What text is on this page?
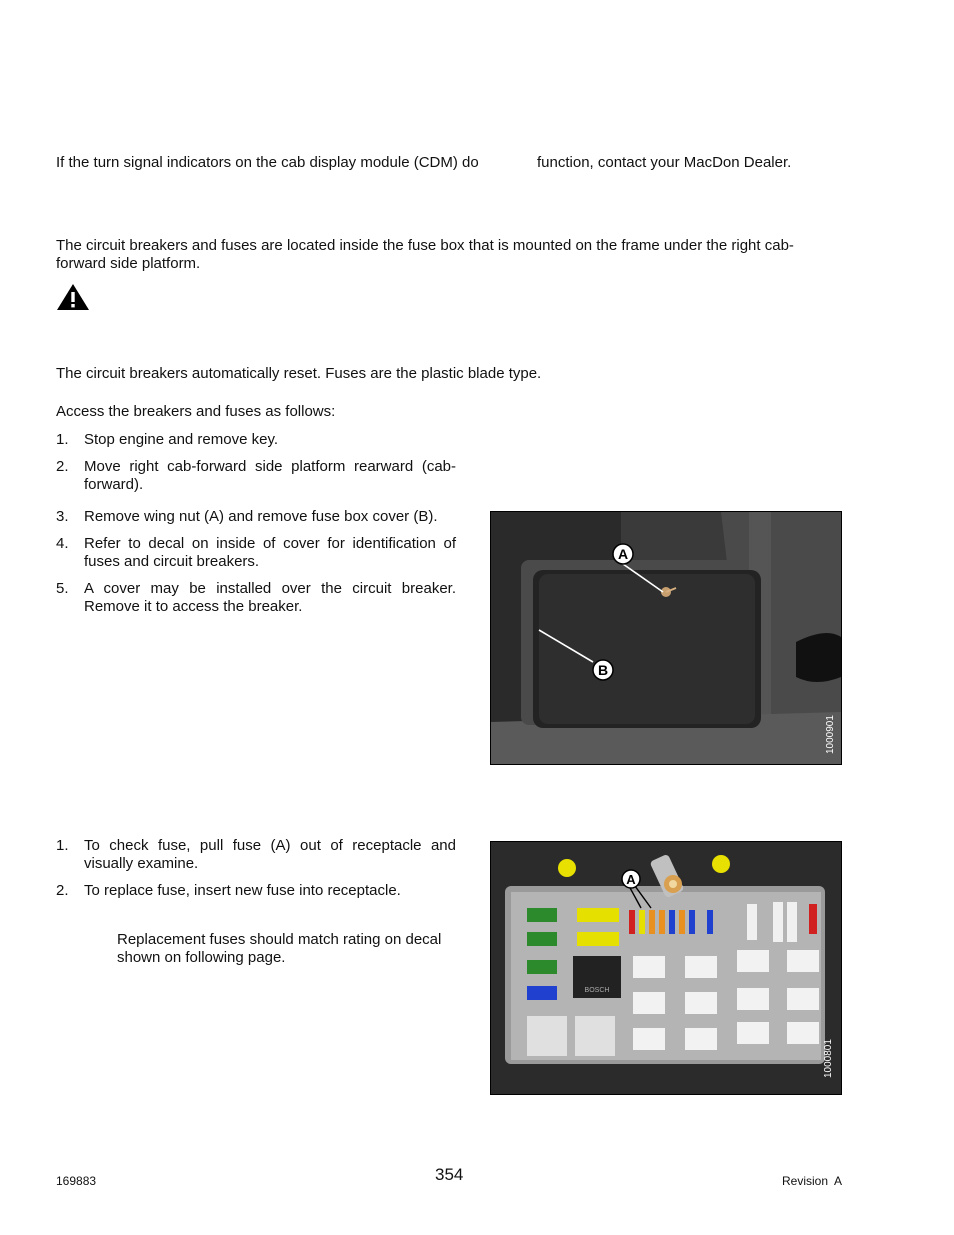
If the turn signal indicators on the cab display module (CDM) do	function, contact your MacDon Dealer.

The circuit breakers and fuses are located inside the fuse box that is mounted on the frame under the right cab-forward side platform.

The circuit breakers automatically reset. Fuses are the plastic blade type.

Access the breakers and fuses as follows:

1. Stop engine and remove key.
2. Move right cab-forward side platform rearward (cab-forward).
3. Remove wing nut (A) and remove fuse box cover (B).
4. Refer to decal on inside of cover for identification of fuses and circuit breakers.
5. A cover may be installed over the circuit breaker. Remove it to access the breaker.
A
B
1000901
1. To check fuse, pull fuse (A) out of receptacle and visually examine.
2. To replace fuse, insert new fuse into receptacle.

Replacement fuses should match rating on decal shown on following page.

BOSCH
A
1000801
169883	354	Revision  A
